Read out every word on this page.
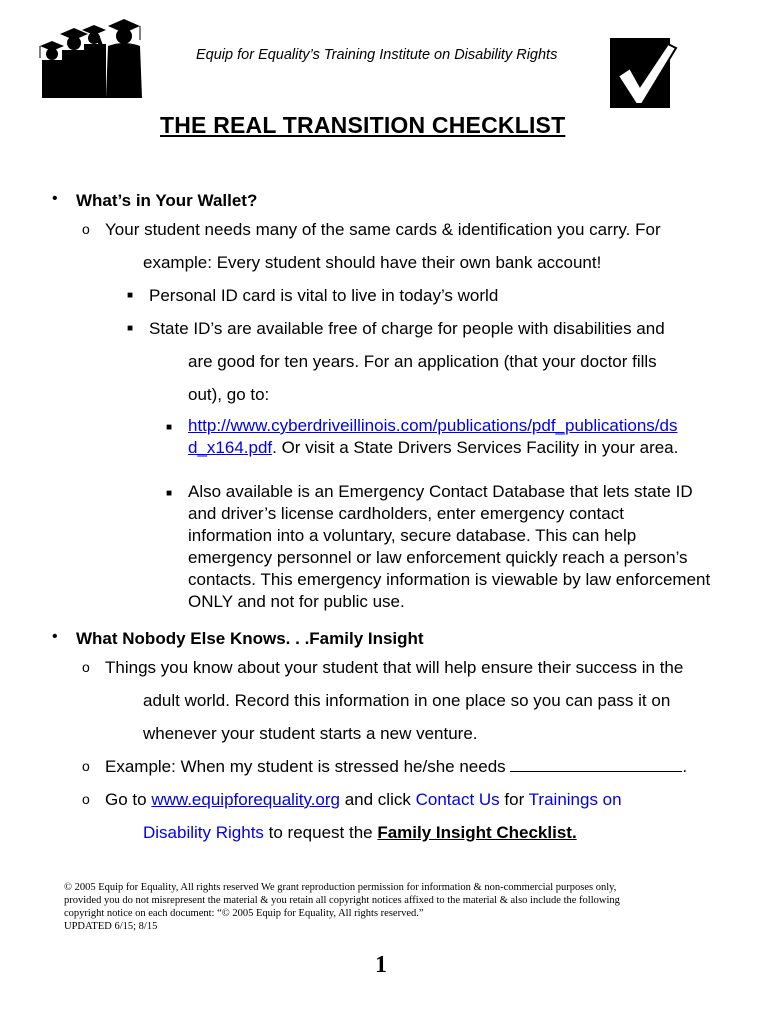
Equip for Equality’s Training Institute on Disability Rights
THE REAL TRANSITION CHECKLIST
• What’s in Your Wallet?
o Your student needs many of the same cards & identification you carry. For
example: Every student should have their own bank account!
■ Personal ID card is vital to live in today’s world
■ State ID’s are available free of charge for people with disabilities and
are good for ten years. For an application (that your doctor fills
out), go to:
■ http://www.cyberdriveillinois.com/publications/pdf_publications/ds
d_x164.pdf. Or visit a State Drivers Services Facility in your area.
■ Also available is an Emergency Contact Database that lets state ID and driver’s license cardholders, enter emergency contact information into a voluntary, secure database. This can help emergency personnel or law enforcement quickly reach a person’s contacts. This emergency information is viewable by law enforcement ONLY and not for public use.
• What Nobody Else Knows. . .Family Insight
o Things you know about your student that will help ensure their success in the
adult world. Record this information in one place so you can pass it on
whenever your student starts a new venture.
o Example: When my student is stressed he/she needs	.
o Go to www.equipforequality.org and click Contact Us for Trainings on
Disability Rights to request the Family Insight Checklist.
© 2005 Equip for Equality, All rights reserved We grant reproduction permission for information & non-commercial purposes only,
provided you do not misrepresent the material & you retain all copyright notices affixed to the material & also include the following
copyright notice on each document: “© 2005 Equip for Equality, All rights reserved.”
UPDATED 6/15; 8/15
1
